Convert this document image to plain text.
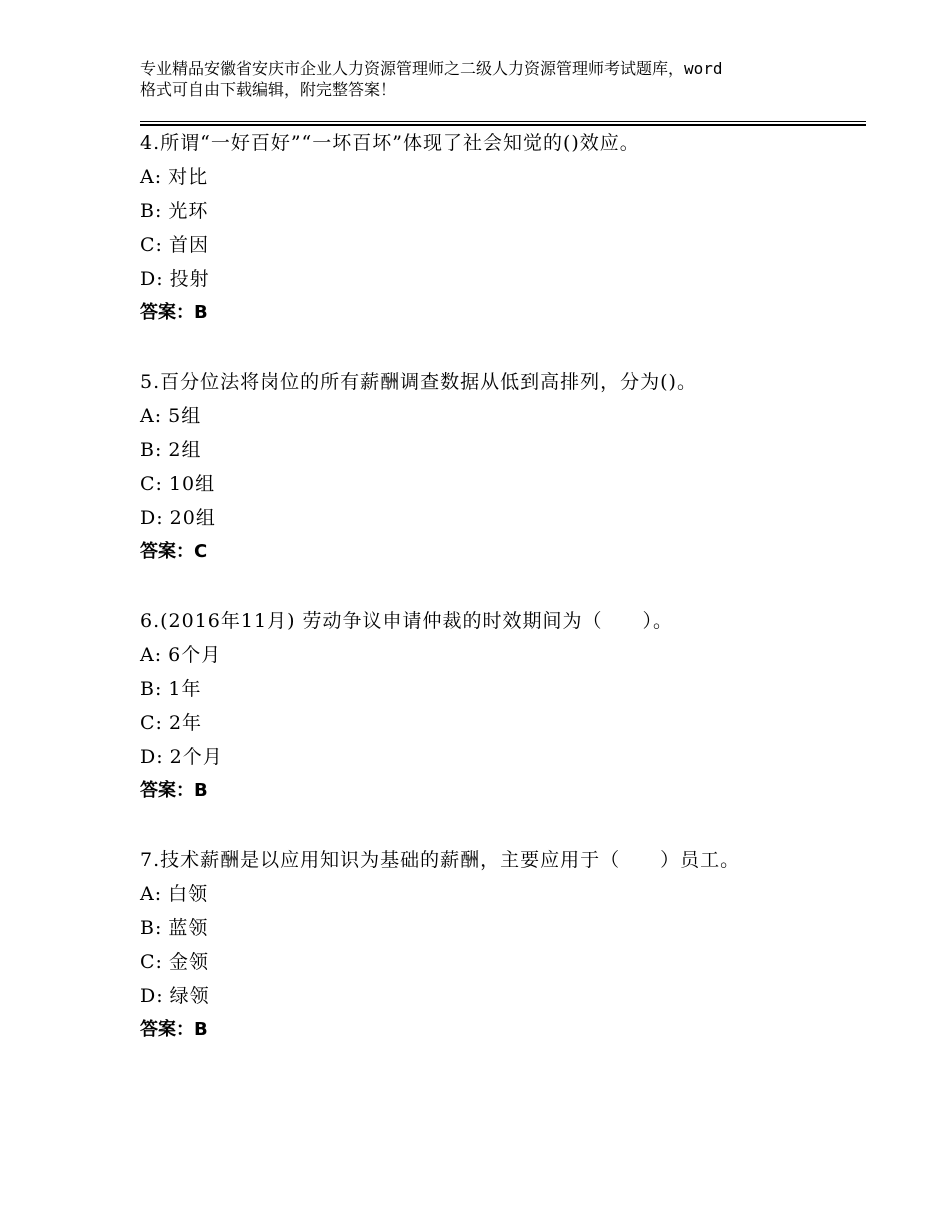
专业精品安徽省安庆市企业人力资源管理师之二级人力资源管理师考试题库，word
格式可自由下载编辑，附完整答案！
4.所谓“一好百好”“一坏百坏”体现了社会知觉的()效应。
A: 对比
B: 光环
C: 首因
D: 投射
答案：B
5.百分位法将岗位的所有薪酬调查数据从低到高排列，分为()。
A: 5组
B: 2组
C: 10组
D: 20组
答案：C
6.(2016年11月) 劳动争议申请仲裁的时效期间为（　　）。
A: 6个月
B: 1年
C: 2年
D: 2个月
答案：B
7.技术薪酬是以应用知识为基础的薪酬，主要应用于（　　）员工。
A: 白领
B: 蓝领
C: 金领
D: 绿领
答案：B
